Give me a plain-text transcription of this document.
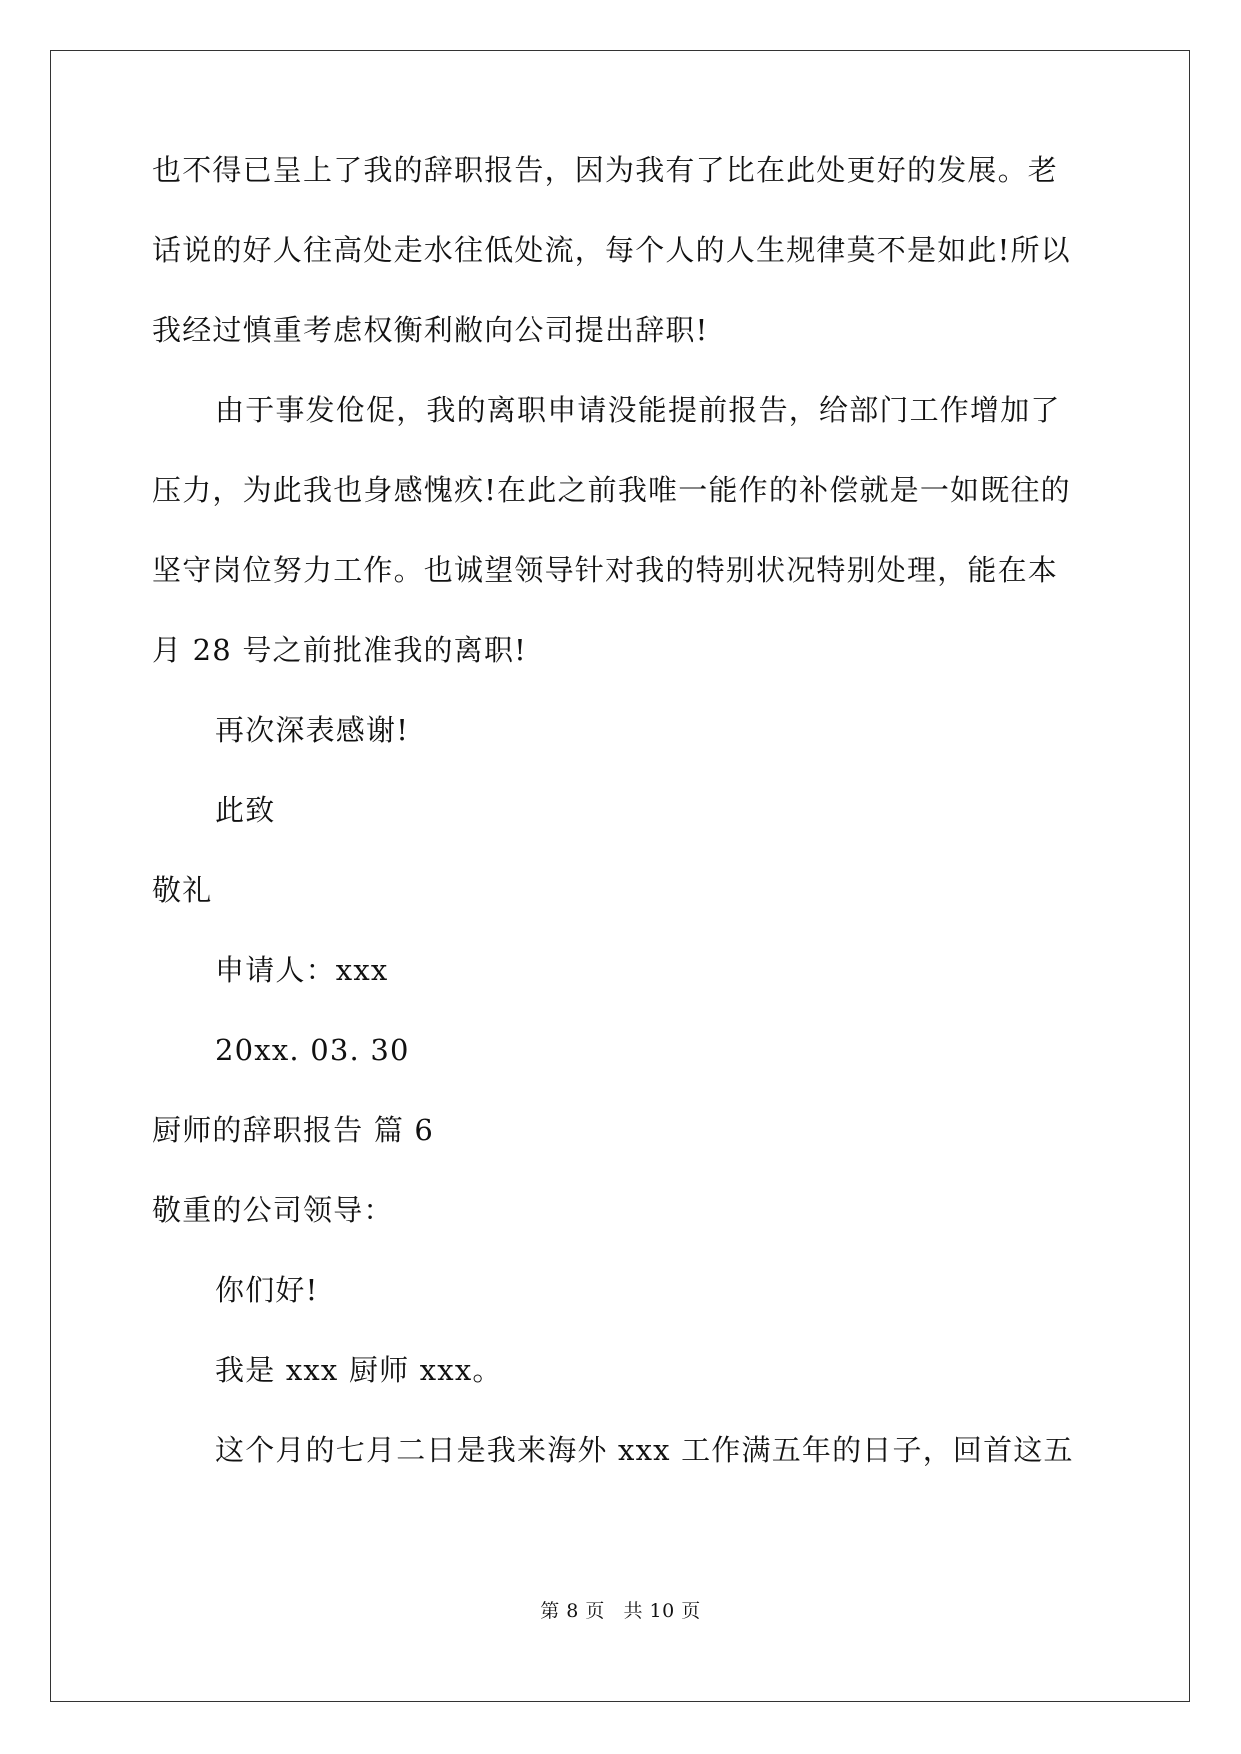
也不得已呈上了我的辞职报告，因为我有了比在此处更好的发展。老
话说的好人往高处走水往低处流，每个人的人生规律莫不是如此!所以
我经过慎重考虑权衡利敝向公司提出辞职!
由于事发伧促，我的离职申请没能提前报告，给部门工作增加了
压力，为此我也身感愧疚!在此之前我唯一能作的补偿就是一如既往的
坚守岗位努力工作。也诚望领导针对我的特别状况特别处理，能在本
月 28 号之前批准我的离职!
再次深表感谢!
此致
敬礼
申请人：xxx
20xx. 03. 30
厨师的辞职报告 篇 6
敬重的公司领导：
你们好!
我是 xxx 厨师 xxx。
这个月的七月二日是我来海外 xxx 工作满五年的日子，回首这五
第 8 页 共 10 页
